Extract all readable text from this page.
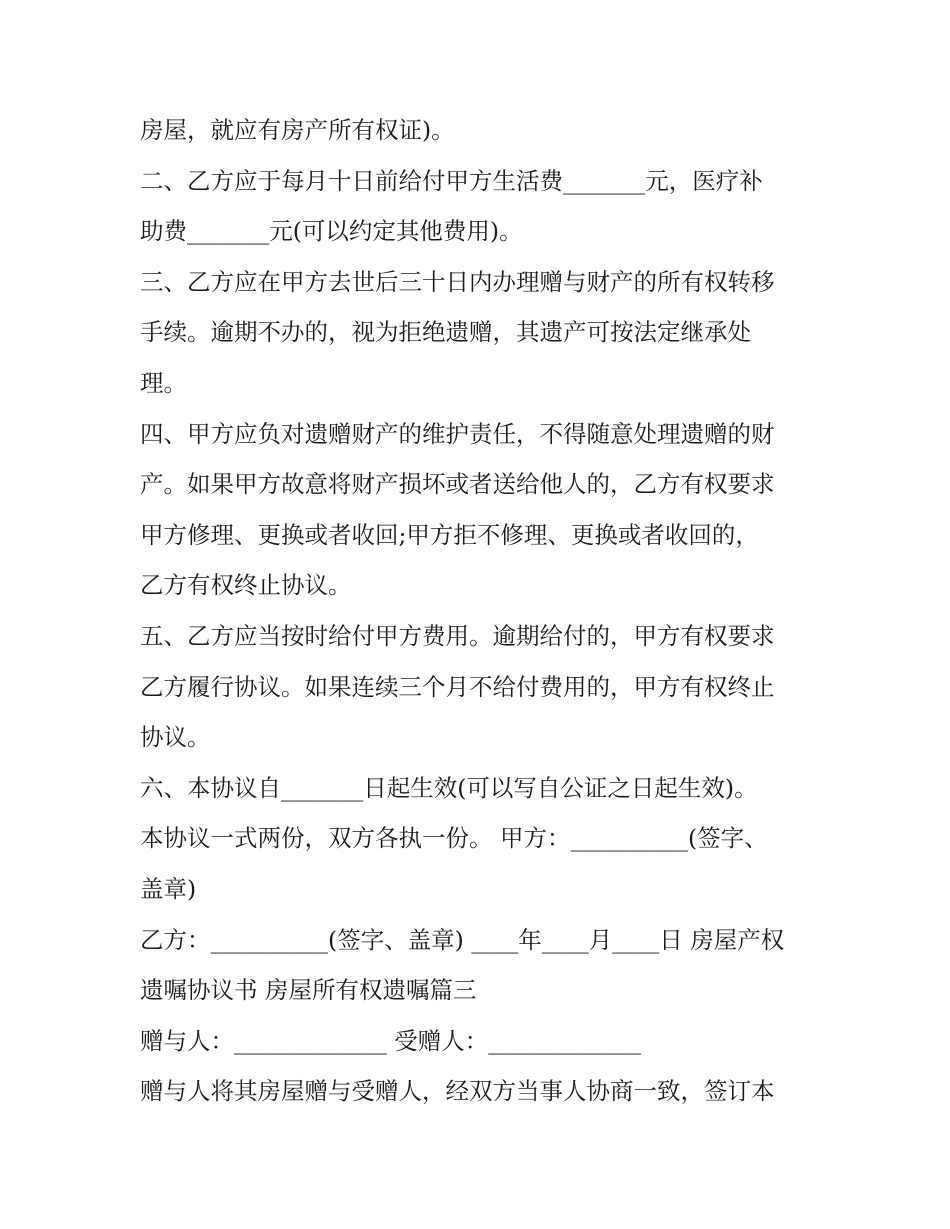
房屋，就应有房产所有权证)。
二、乙方应于每月十日前给付甲方生活费_______元，医疗补
助费_______元(可以约定其他费用)。
三、乙方应在甲方去世后三十日内办理赠与财产的所有权转移
手续。逾期不办的，视为拒绝遗赠，其遗产可按法定继承处
理。
四、甲方应负对遗赠财产的维护责任，不得随意处理遗赠的财
产。如果甲方故意将财产损坏或者送给他人的，乙方有权要求
甲方修理、更换或者收回;甲方拒不修理、更换或者收回的，
乙方有权终止协议。
五、乙方应当按时给付甲方费用。逾期给付的，甲方有权要求
乙方履行协议。如果连续三个月不给付费用的，甲方有权终止
协议。
六、本协议自_______日起生效(可以写自公证之日起生效)。
本协议一式两份，双方各执一份。 甲方：__________(签字、
盖章)
乙方：__________(签字、盖章) ____年____月____日 房屋产权
遗嘱协议书 房屋所有权遗嘱篇三
赠与人：_____________ 受赠人：_____________
赠与人将其房屋赠与受赠人，经双方当事人协商一致，签订本
